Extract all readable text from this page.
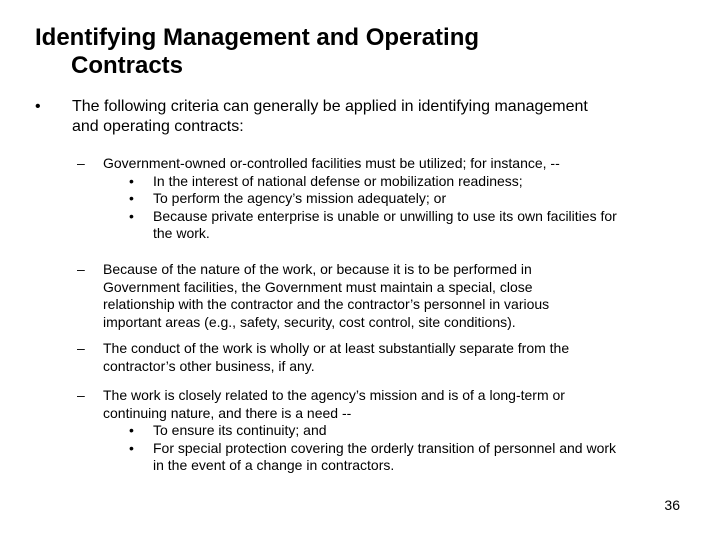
Identifying Management and Operating
Contracts
• The following criteria can generally be applied in identifying management
and operating contracts:
– Government-owned or-controlled facilities must be utilized; for instance, --
• In the interest of national defense or mobilization readiness;
• To perform the agency’s mission adequately; or
• Because private enterprise is unable or unwilling to use its own facilities for
the work.
– Because of the nature of the work, or because it is to be performed in
Government facilities, the Government must maintain a special, close
relationship with the contractor and the contractor’s personnel in various
important areas (e.g., safety, security, cost control, site conditions).
– The conduct of the work is wholly or at least substantially separate from the
contractor’s other business, if any.
– The work is closely related to the agency’s mission and is of a long-term or
continuing nature, and there is a need --
• To ensure its continuity; and
• For special protection covering the orderly transition of personnel and work
in the event of a change in contractors.
36
